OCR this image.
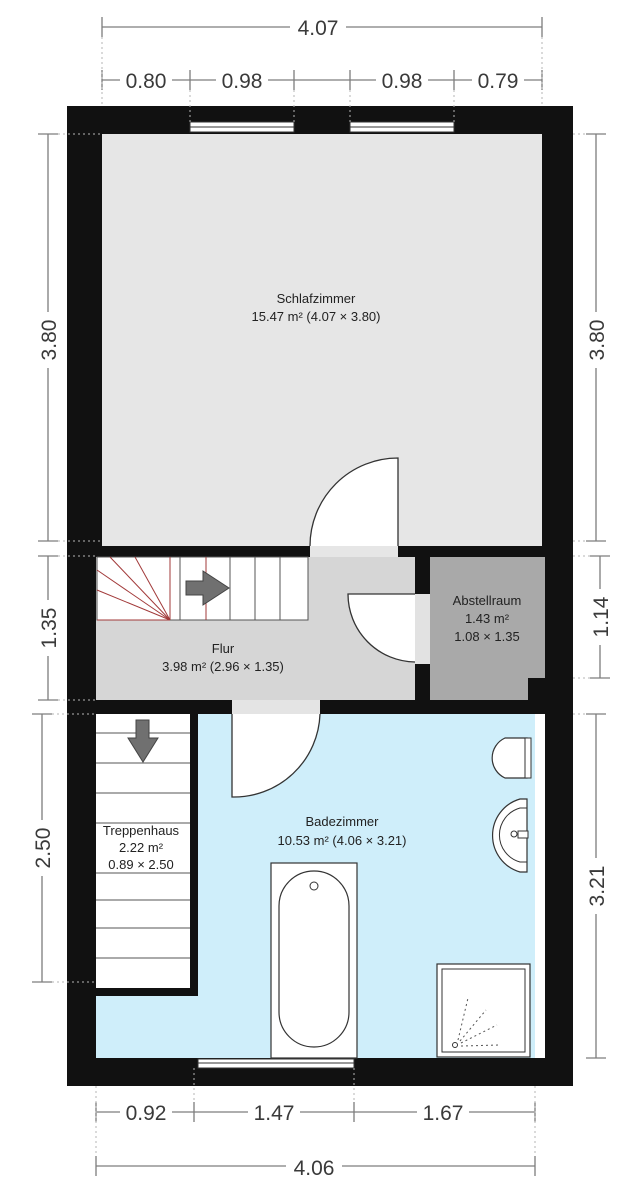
Schlafzimmer
15.47 m² (4.07 × 3.80)
Flur
3.98 m² (2.96 × 1.35)
Abstellraum
1.43 m²
1.08 × 1.35
Treppenhaus
2.22 m²
0.89 × 2.50
Badezimmer
10.53 m² (4.06 × 3.21)
4.07
0.80	0.98	0.98	0.79
3.80
1.35
2.50
3.80
1.14
3.21
0.92	1.47	1.67
4.06
